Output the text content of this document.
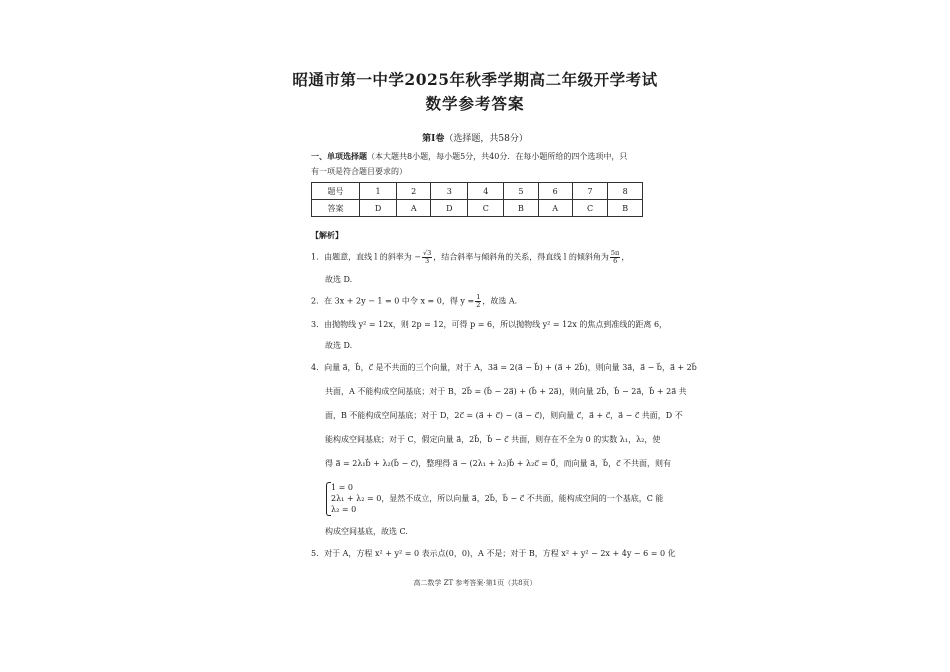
昭通市第一中学2025年秋季学期高二年级开学考试
数学参考答案
第Ⅰ卷（选择题，共58分）
一、单项选择题（本大题共8小题，每小题5分，共40分．在每小题所给的四个选项中，只
有一项是符合题目要求的）
题号	1	2	3	4	5	6	7	8
答案	D	A	D	C	B	A	C	B
【解析】
1．由题意，直线 l 的斜率为 − $\frac{√3}{3}$ ，结合斜率与倾斜角的关系，得直线 l 的倾斜角为 $\frac{5\pi}{6}$ ，
故选 D.
2．在 3x + 2y − 1 = 0 中令 x = 0，得 $y = \frac{1}{2}$ ，故选 A.
3．由抛物线 y² = 12x，则 2p = 12，可得 p = 6，所以抛物线 y² = 12x 的焦点到准线的距离 6，
故选 D.
4．向量 a⃗，b⃗，c⃗ 是不共面的三个向量，对于 A，3a⃗ = 2(a⃗ − b⃗) + (a⃗ + 2b⃗)，则向量 3a⃗，a⃗ − b⃗，a⃗ + 2b⃗
共面，A 不能构成空间基底；对于 B，2b⃗ = (b⃗ − 2a⃗) + (b⃗ + 2a⃗)，则向量 2b⃗，b⃗ − 2a⃗，b⃗ + 2a⃗ 共
面，B 不能构成空间基底；对于 D，2c⃗ = (a⃗ + c⃗) − (a⃗ − c⃗)，则向量 c⃗，a⃗ + c⃗，a⃗ − c⃗ 共面，D 不
能构成空间基底；对于 C，假定向量 a⃗，2b⃗，b⃗ − c⃗ 共面，则存在不全为 0 的实数 λ₁，λ₂，使
得 a⃗ = 2λ₁b⃗ + λ₂(b⃗ − c⃗)，整理得 a⃗ − (2λ₁ + λ₂)b⃗ + λ₂c⃗ = 0⃗，而向量 a⃗，b⃗，c⃗ 不共面，则有
1 = 0
2λ₁ + λ₂ = 0，显然不成立，所以向量 a⃗，2b⃗，b⃗ − c⃗ 不共面，能构成空间的一个基底，C 能
λ₂ = 0
构成空间基底，故选 C.
5．对于 A，方程 x² + y² = 0 表示点(0，0)，A 不是；对于 B，方程 x² + y² − 2x + 4y − 6 = 0 化
高二数学 ZT 参考答案·第1页（共8页）
